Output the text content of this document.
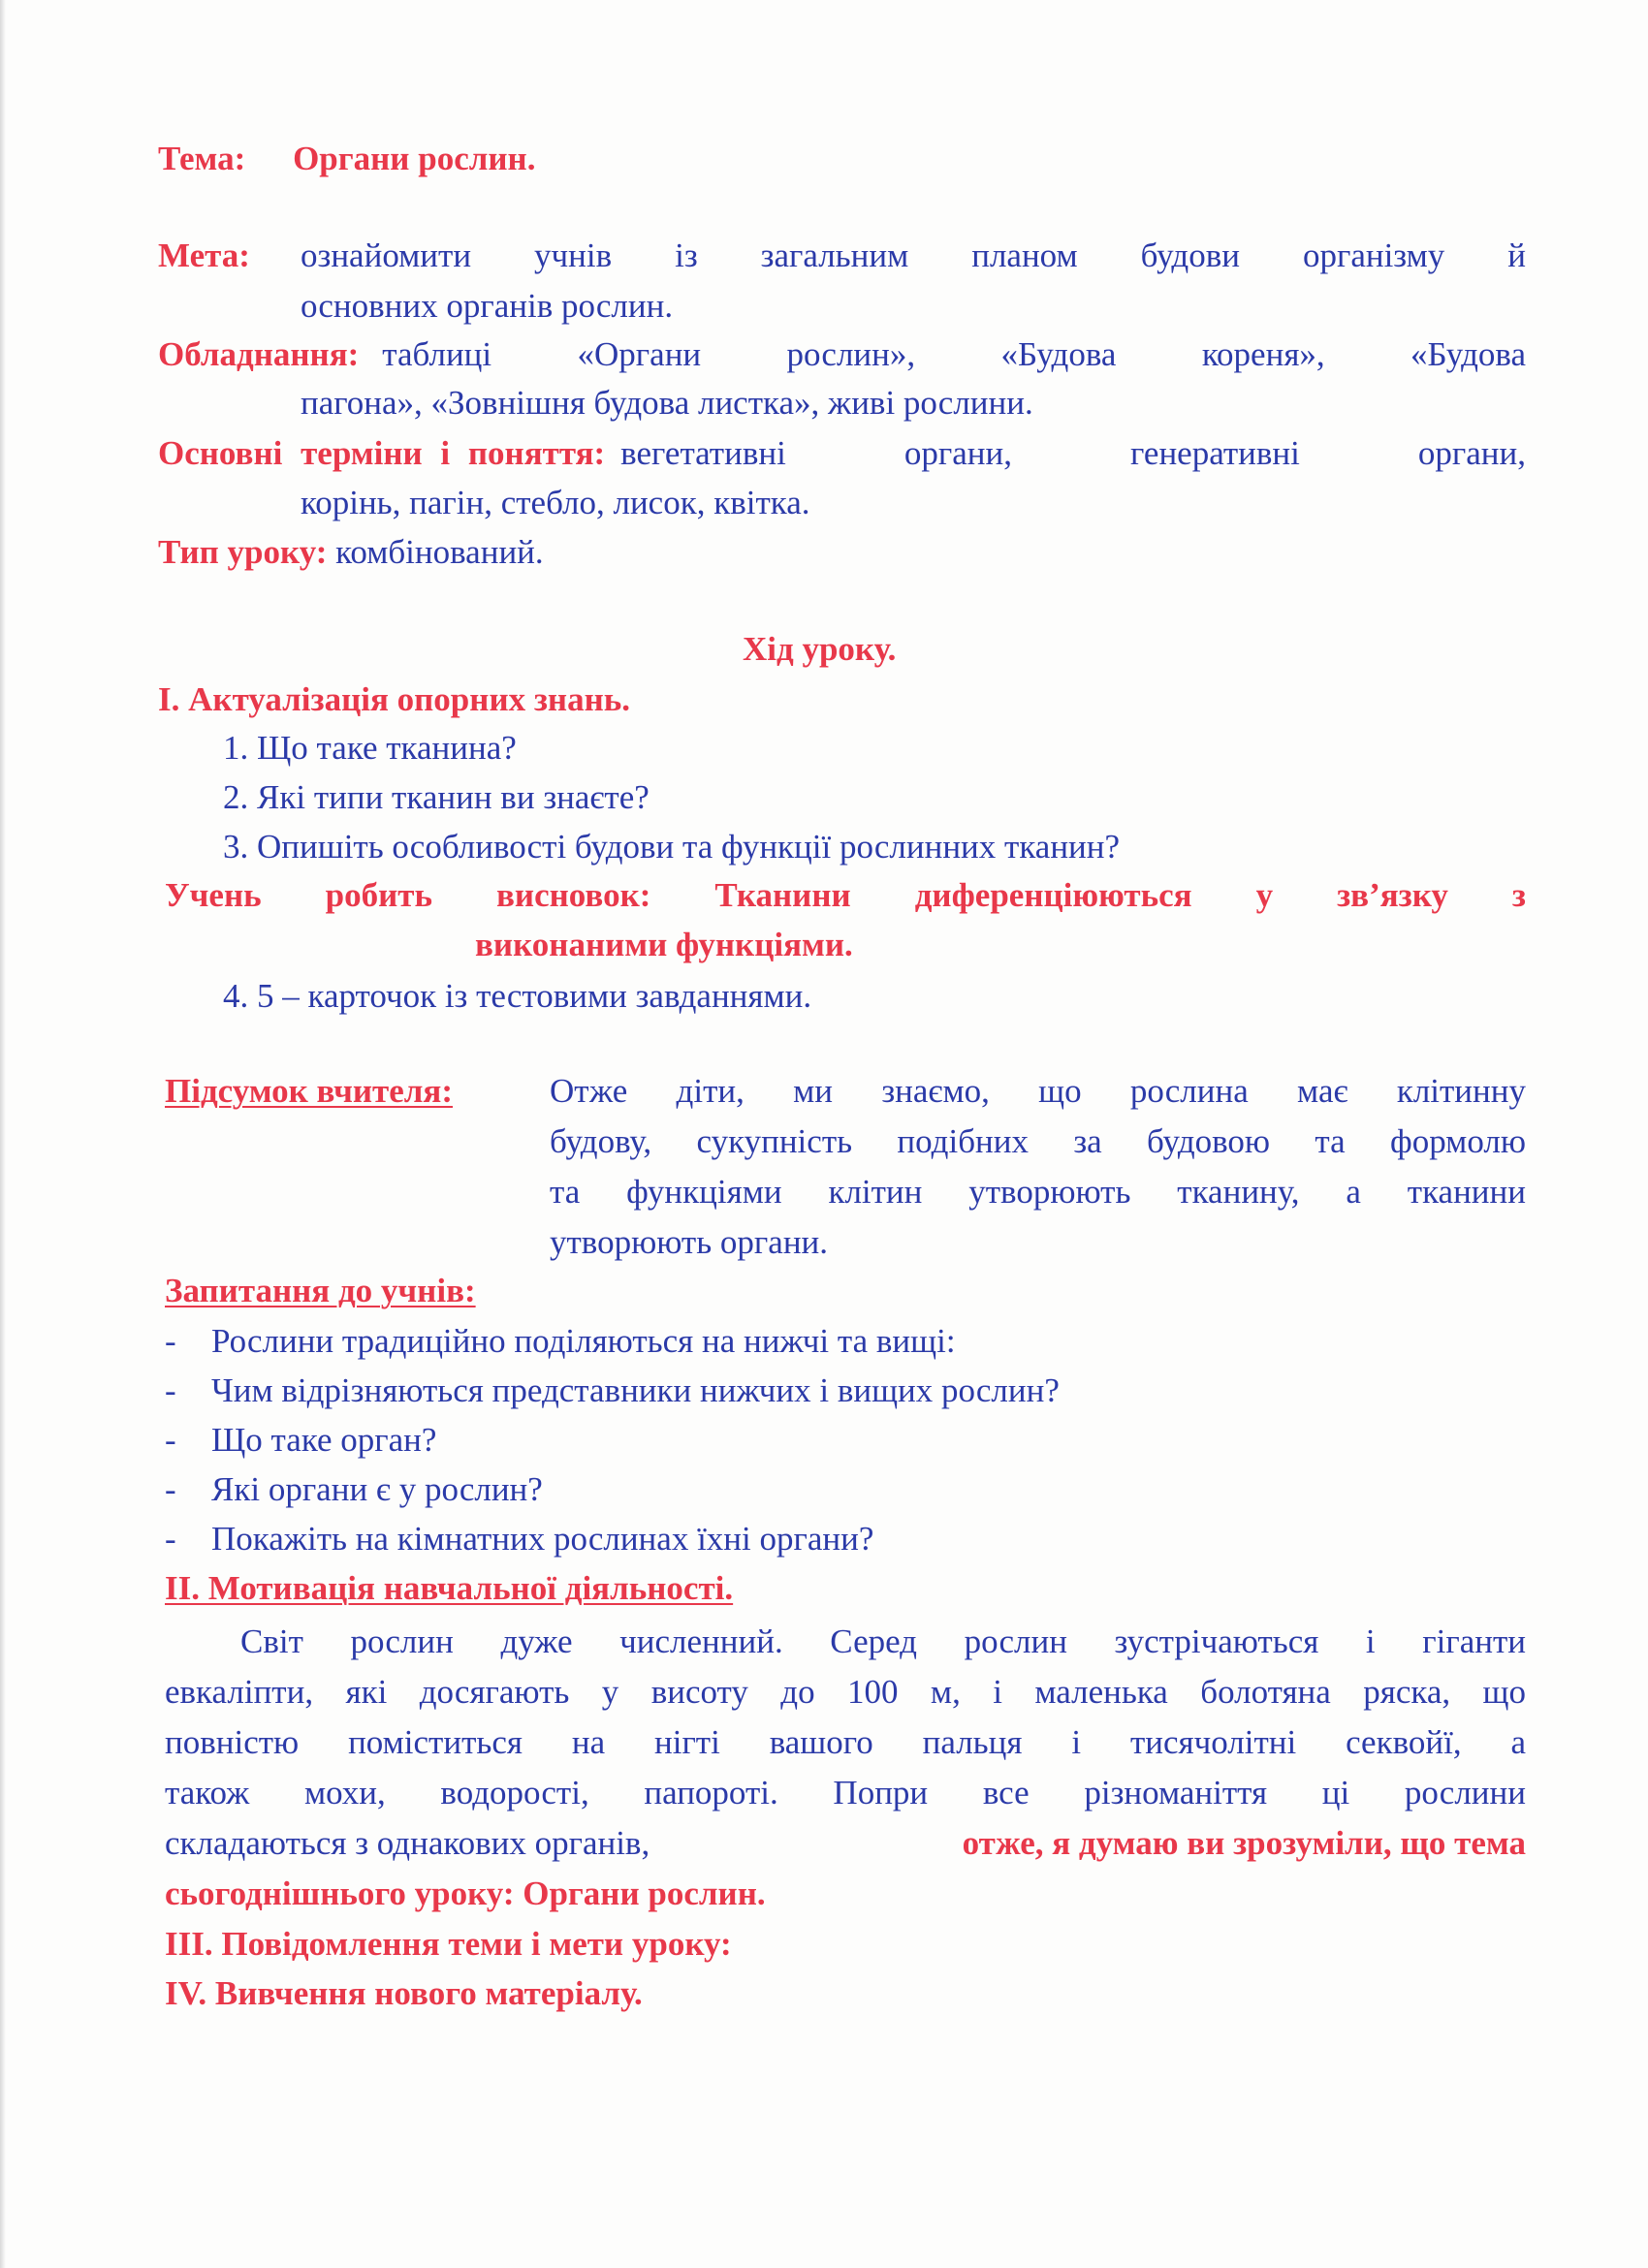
Тема: Органи рослин.
Мета: ознайомити учнів із загальним планом будови організму й
основних органів рослин.
Обладнання: таблиці «Органи рослин», «Будова кореня», «Будова
пагона», «Зовнішня будова листка», живі рослини.
Основні терміни і поняття: вегетативні органи, генеративні органи,
корінь, пагін, стебло, лисок, квітка.
Тип уроку: комбінований.
Хід уроку.
І. Актуалізація опорних знань.
1. Що таке тканина?
2. Які типи тканин ви знаєте?
3. Опишіть особливості будови та функції рослинних тканин?
Учень робить висновок: Тканини диференціюються у зв’язку з
виконаними функціями.
4. 5 – карточок із тестовими завданнями.
Підсумок вчителя:	Отже діти, ми знаємо, що рослина має клітинну
будову, сукупність подібних за будовою та формолю
та функціями клітин утворюють тканину, а тканини
утворюють органи.
Запитання до учнів:
- Рослини традиційно поділяються на нижчі та вищі:
- Чим відрізняються представники нижчих і вищих рослин?
- Що таке орган?
- Які органи є у рослин?
- Покажіть на кімнатних рослинах їхні органи?
ІІ. Мотивація навчальної діяльності.
Світ рослин дуже численний. Серед рослин зустрічаються і гіганти
евкаліпти, які досягають у висоту до 100 м, і маленька болотяна ряска, що
повністю поміститься на нігті вашого пальця і тисячолітні секвойї, а
також мохи, водорості, папороті. Попри все різноманіття ці рослини
складаються з однакових органів,	отже, я думаю ви зрозуміли, що тема
сьогоднішнього уроку: Органи рослин.
ІІІ. Повідомлення теми і мети уроку:
IV. Вивчення нового матеріалу.
